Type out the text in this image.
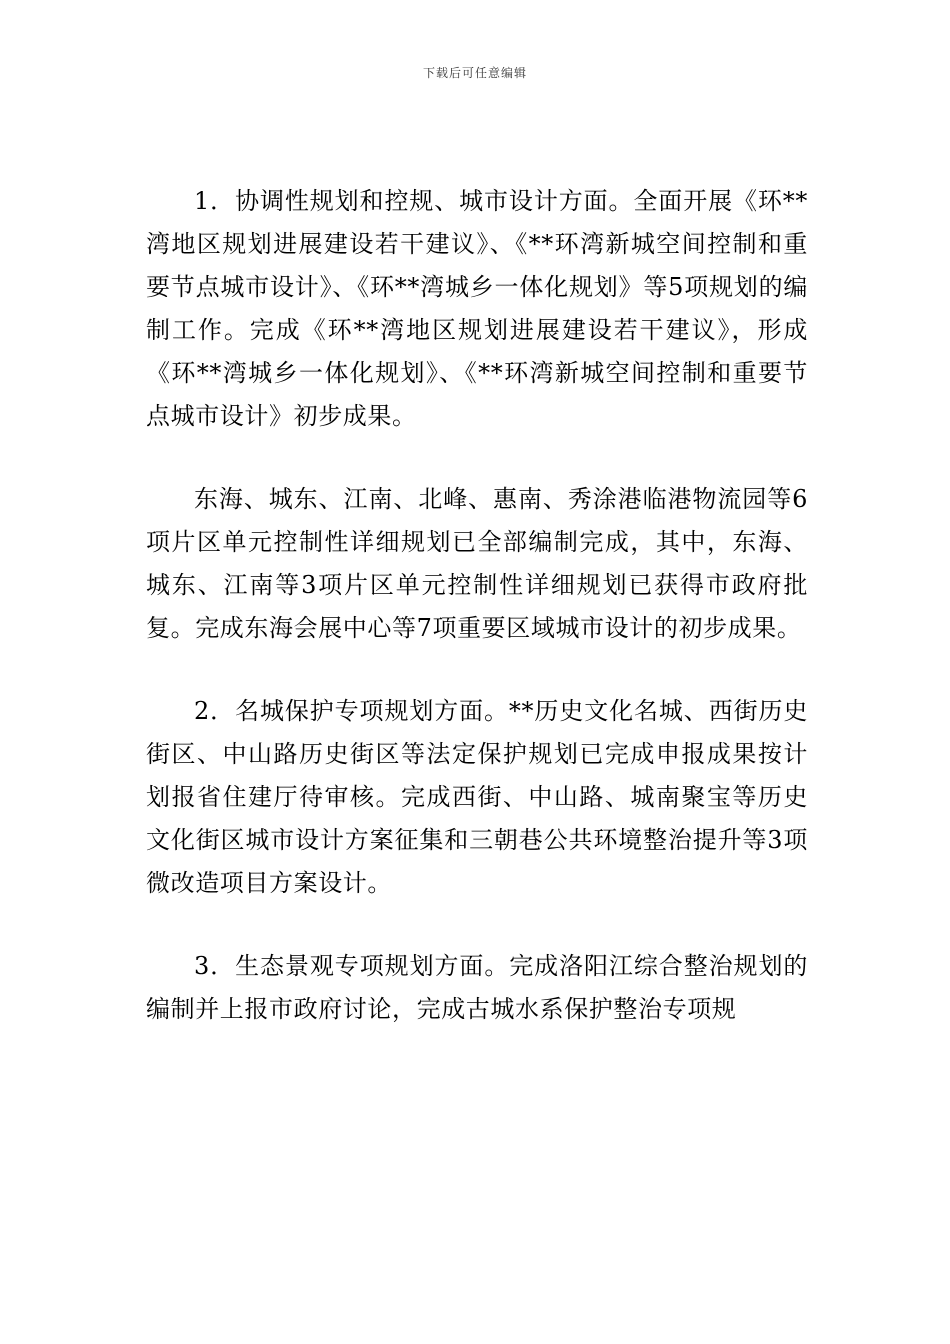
下载后可任意编辑

1．协调性规划和控规、城市设计方面。全面开展《环**湾地区规划进展建设若干建议》、《**环湾新城空间控制和重要节点城市设计》、《环**湾城乡一体化规划》等5项规划的编制工作。完成《环**湾地区规划进展建设若干建议》，形成《环**湾城乡一体化规划》、《**环湾新城空间控制和重要节点城市设计》初步成果。

东海、城东、江南、北峰、惠南、秀涂港临港物流园等6项片区单元控制性详细规划已全部编制完成，其中，东海、城东、江南等3项片区单元控制性详细规划已获得市政府批复。完成东海会展中心等7项重要区域城市设计的初步成果。

2．名城保护专项规划方面。**历史文化名城、西街历史街区、中山路历史街区等法定保护规划已完成申报成果按计划报省住建厅待审核。完成西街、中山路、城南聚宝等历史文化街区城市设计方案征集和三朝巷公共环境整治提升等3项微改造项目方案设计。

3．生态景观专项规划方面。完成洛阳江综合整治规划的编制并上报市政府讨论，完成古城水系保护整治专项规
